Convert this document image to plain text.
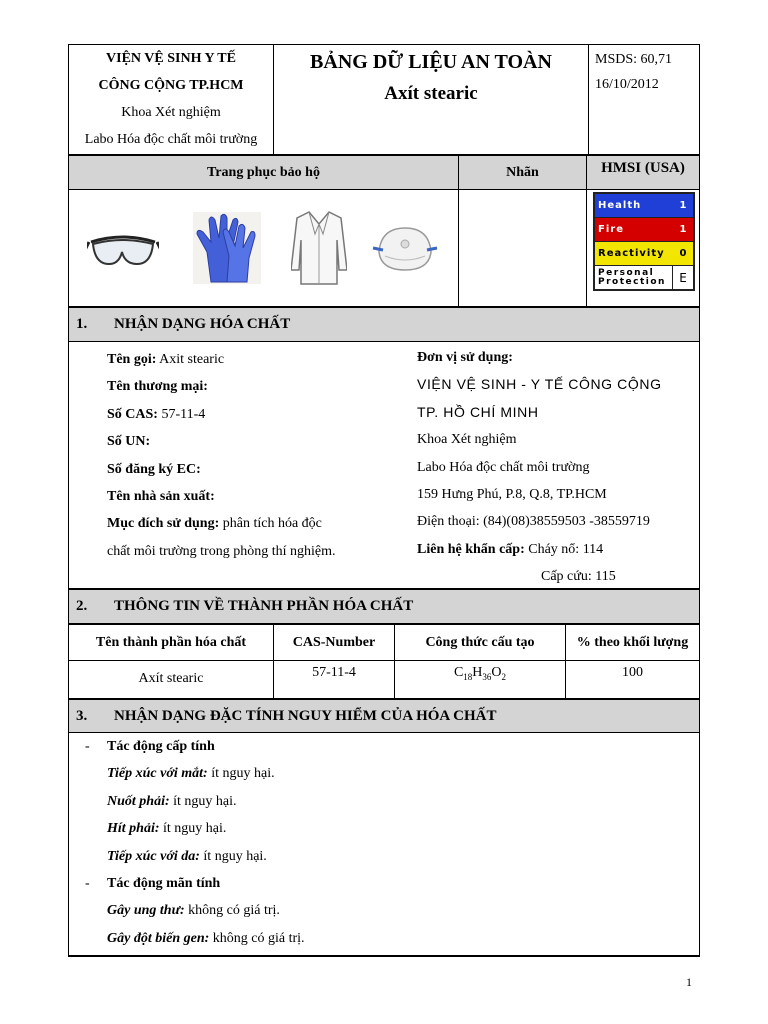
VIỆN VỆ SINH Y TẾ
CÔNG CỘNG TP.HCM
Khoa Xét nghiệm
Labo Hóa độc chất môi trường
BẢNG DỮ LIỆU AN TOÀN
Axít stearic
MSDS: 60,71
16/10/2012
Trang phục bảo hộ	Nhãn	HMSI (USA)
Health	1
Fire	1
Reactivity	0
Personal
Protection	E
1.	NHẬN DẠNG HÓA CHẤT
Tên gọi: Axit stearic
Tên thương mại:
Số CAS: 57-11-4
Số UN:
Số đăng ký EC:
Tên nhà sản xuất:
Mục đích sử dụng: phân tích hóa độc
chất môi trường trong phòng thí nghiệm.
Đơn vị sử dụng:
VIỆN VỆ SINH - Y TẾ CÔNG CỘNG
TP. HỒ CHÍ MINH
Khoa Xét nghiệm
Labo Hóa độc chất môi trường
159 Hưng Phú, P.8, Q.8, TP.HCM
Điện thoại: (84)(08)38559503 -38559719
Liên hệ khẩn cấp: Cháy nổ: 114
Cấp cứu: 115
2.	THÔNG TIN VỀ THÀNH PHẦN HÓA CHẤT
Tên thành phần hóa chất	CAS-Number	Công thức cấu tạo	% theo khối lượng
Axít stearic	57-11-4	$C_{18}H_{36}O_2$	100
3.	NHẬN DẠNG ĐẶC TÍNH NGUY HIỂM CỦA HÓA CHẤT
- Tác động cấp tính
Tiếp xúc với mắt: ít nguy hại.
Nuốt phải: ít nguy hại.
Hít phải: ít nguy hại.
Tiếp xúc với da: ít nguy hại.
- Tác động mãn tính
Gây ung thư: không có giá trị.
Gây đột biến gen: không có giá trị.
1
